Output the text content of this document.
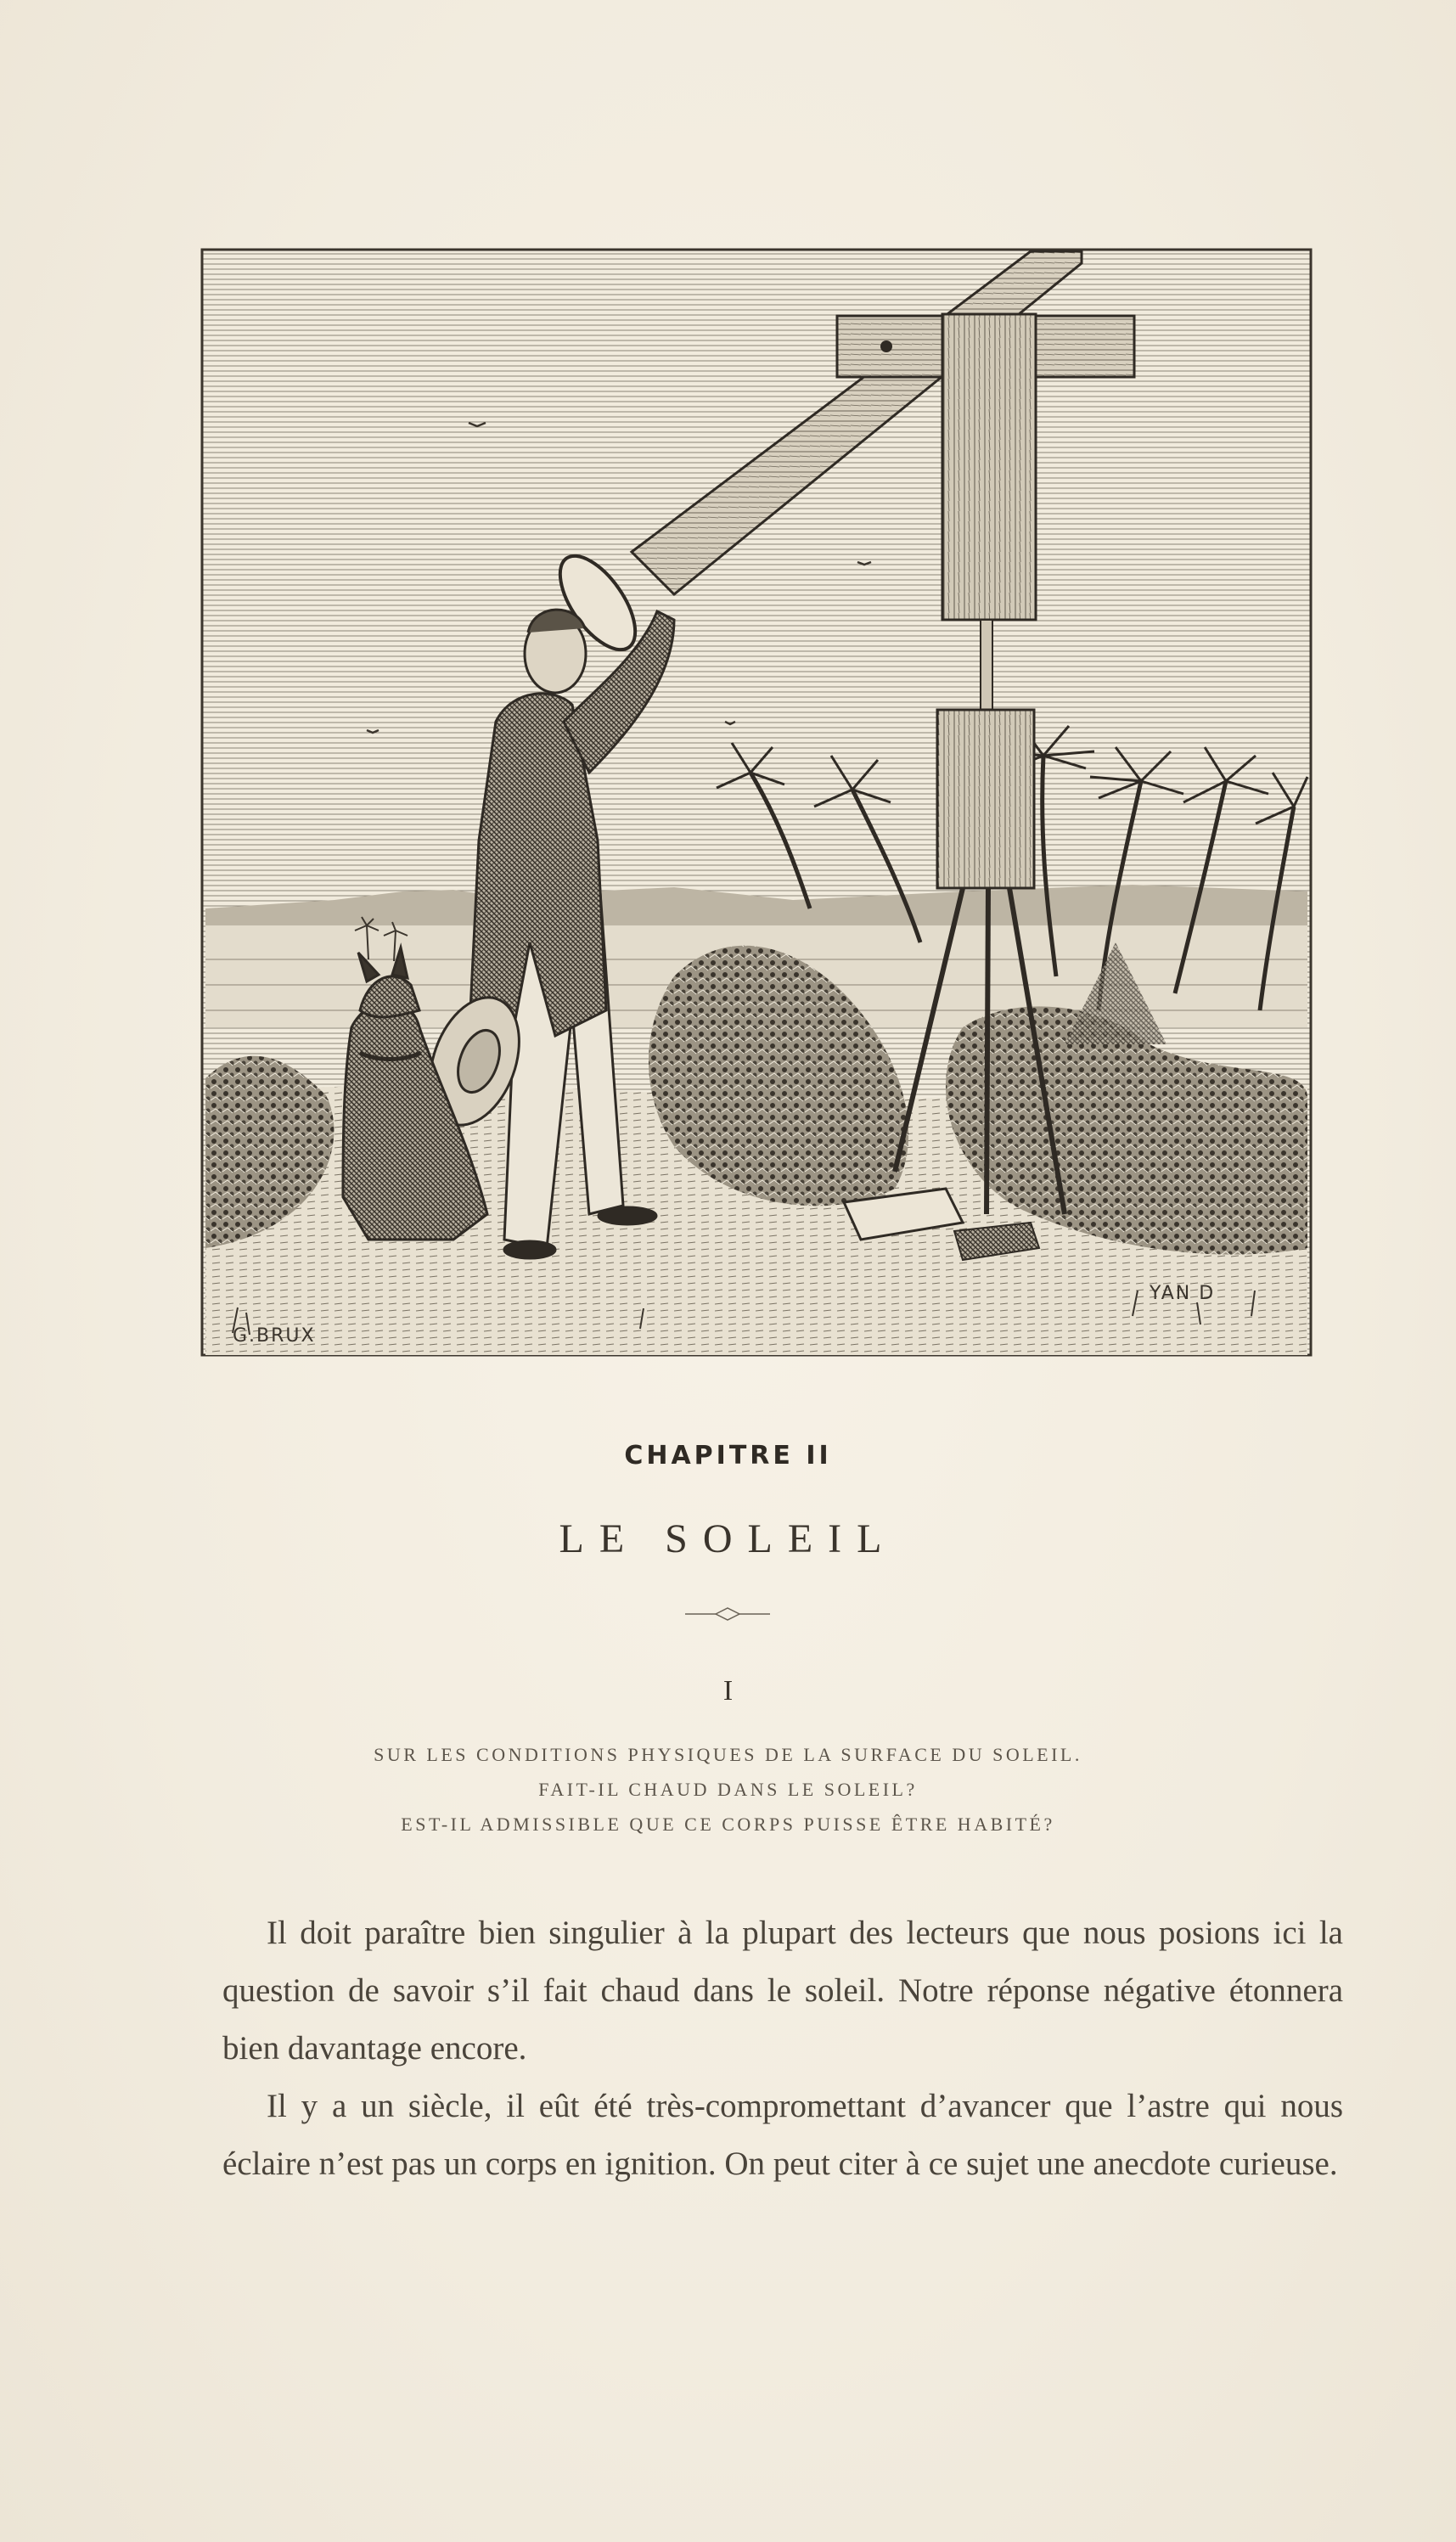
G.BRUX
YAN D
CHAPITRE II
LE SOLEIL
I
SUR LES CONDITIONS PHYSIQUES DE LA SURFACE DU SOLEIL.
FAIT-IL CHAUD DANS LE SOLEIL?
EST-IL ADMISSIBLE QUE CE CORPS PUISSE ÊTRE HABITÉ?

Il doit paraître bien singulier à la plupart des lecteurs que nous posions ici la question de savoir s’il fait chaud dans le soleil. Notre réponse négative étonnera bien davantage encore.

Il y a un siècle, il eût été très-compromettant d’avancer que l’astre qui nous éclaire n’est pas un corps en ignition. On peut citer à ce sujet une anecdote curieuse.
